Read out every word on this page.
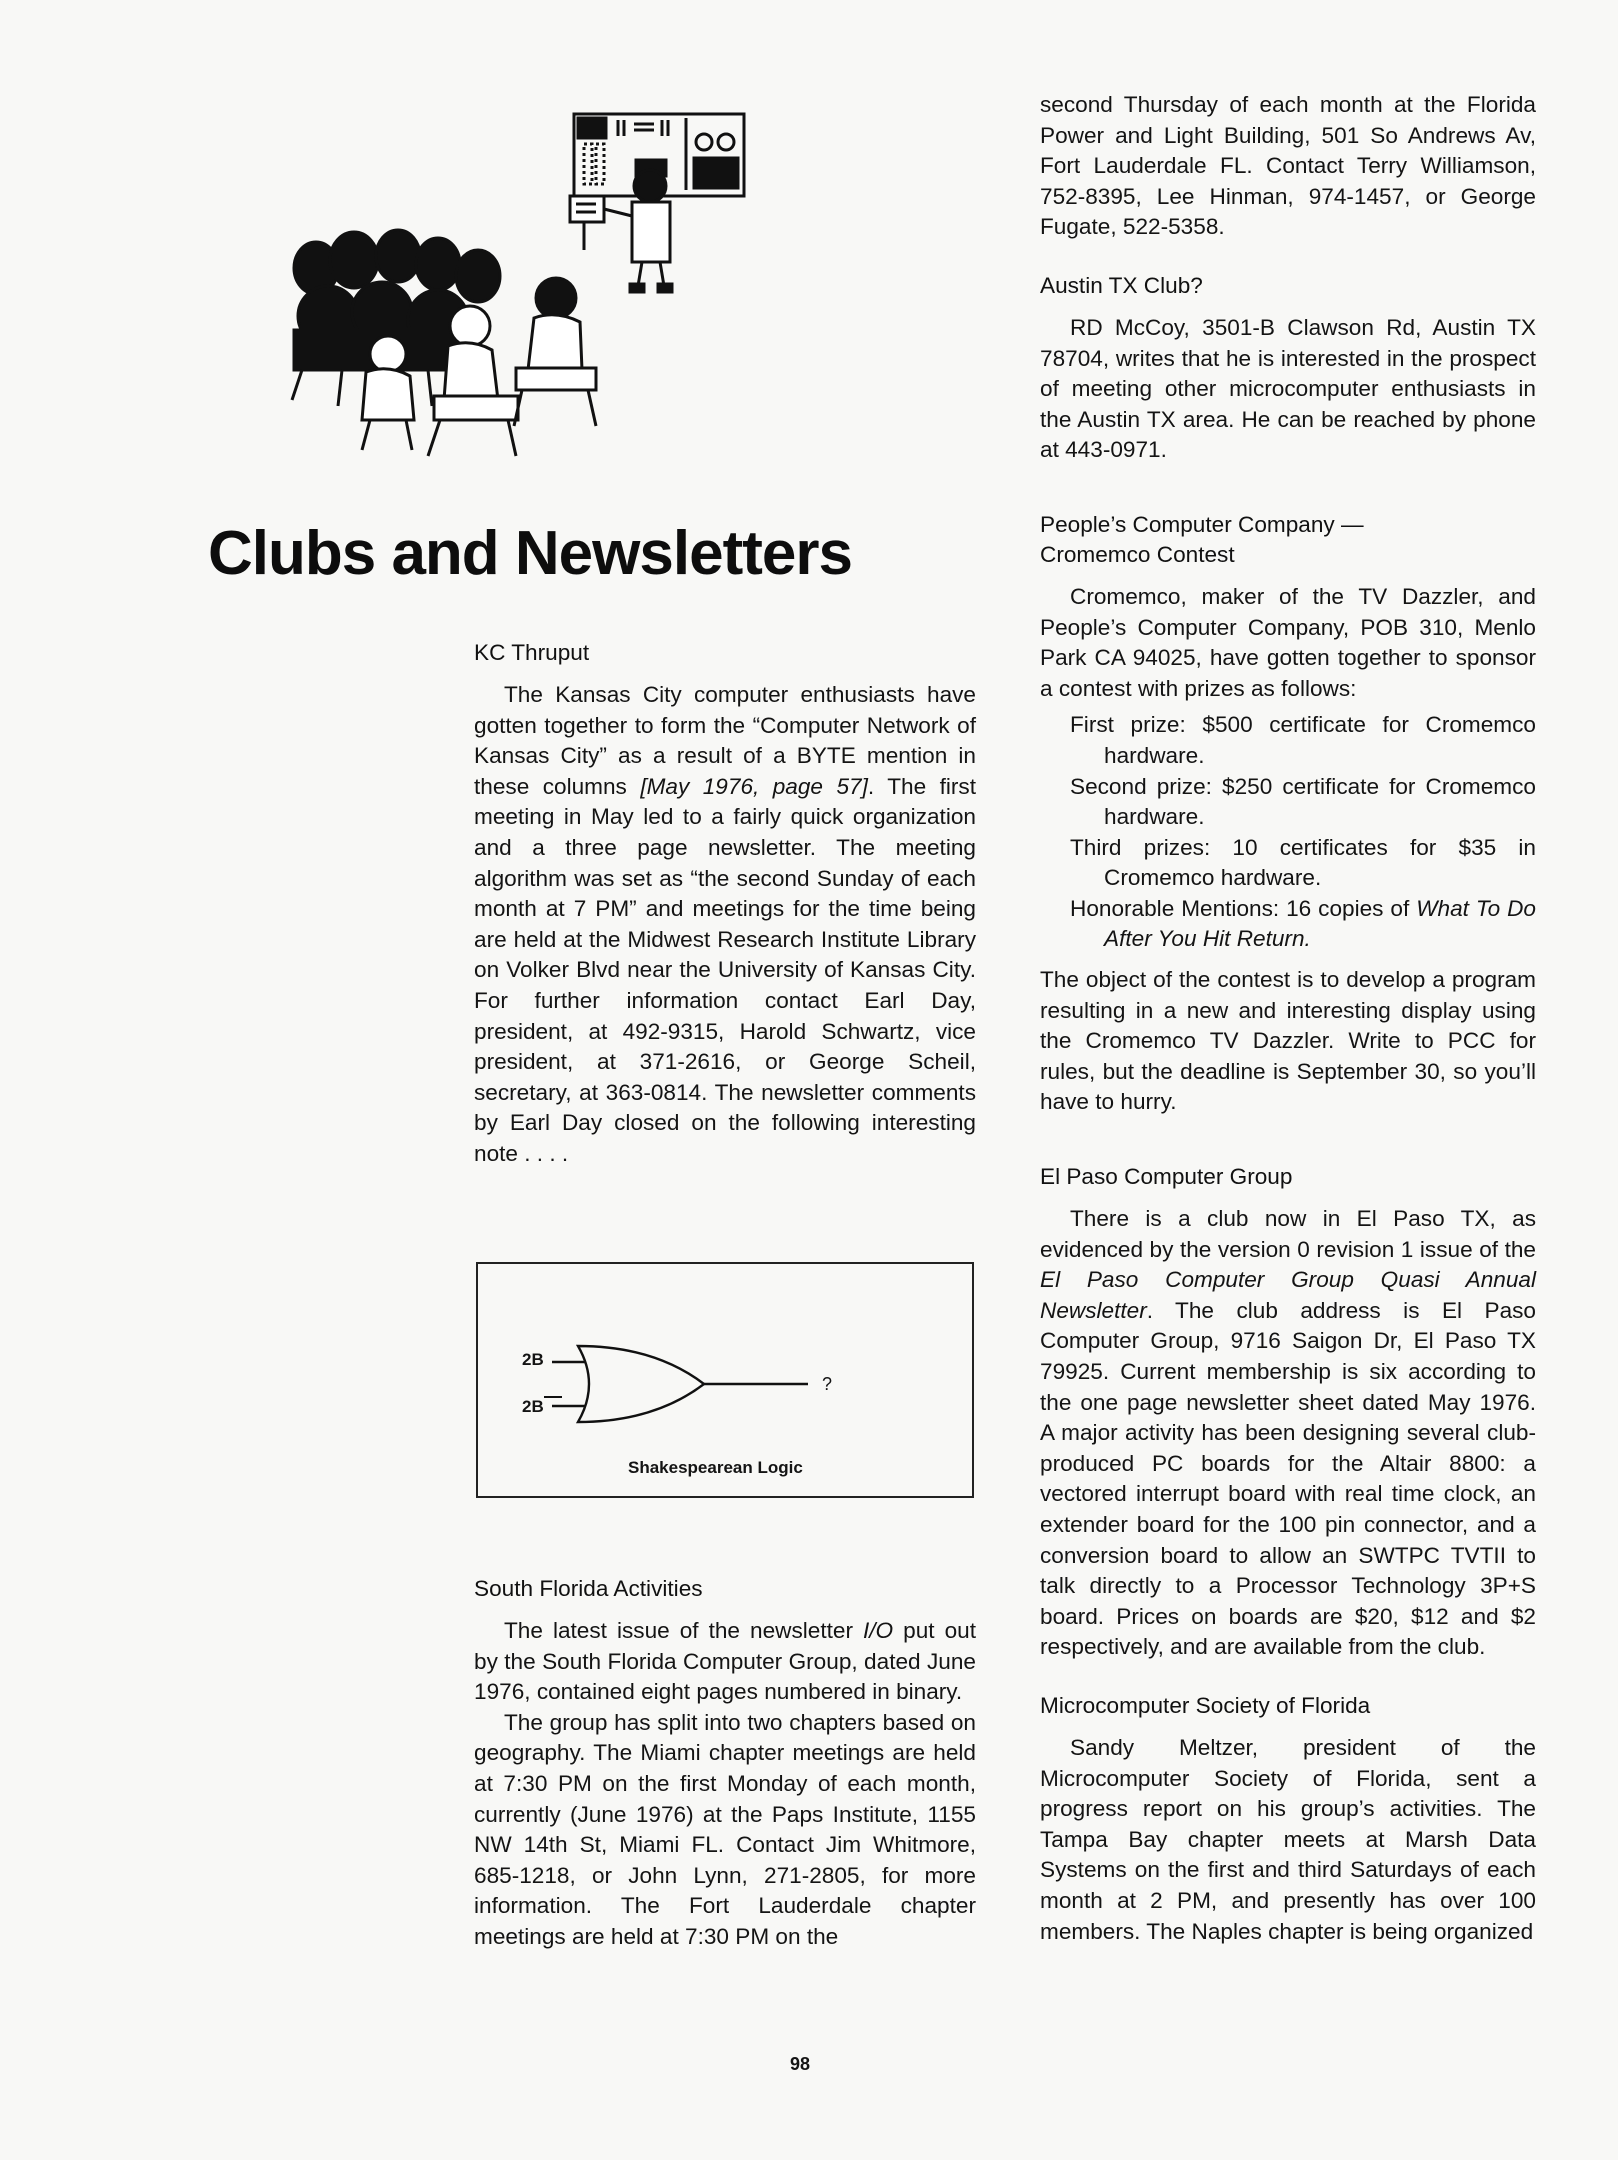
Clubs and Newsletters
KC Thruput

The Kansas City computer enthusiasts have gotten together to form the “Computer Network of Kansas City” as a result of a BYTE mention in these columns [May 1976, page 57]. The first meeting in May led to a fairly quick organization and a three page newsletter. The meeting algorithm was set as “the second Sunday of each month at 7 PM” and meetings for the time being are held at the Midwest Research Institute Library on Volker Blvd near the University of Kansas City. For further information contact Earl Day, president, at 492-9315, Harold Schwartz, vice president, at 371-2616, or George Scheil, secretary, at 363-0814. The newsletter comments by Earl Day closed on the following interesting note . . . .

2B
2B
?
Shakespearean Logic
South Florida Activities

The latest issue of the newsletter I/O put out by the South Florida Computer Group, dated June 1976, contained eight pages numbered in binary.

The group has split into two chapters based on geography. The Miami chapter meetings are held at 7:30 PM on the first Monday of each month, currently (June 1976) at the Paps Institute, 1155 NW 14th St, Miami FL. Contact Jim Whitmore, 685-1218, or John Lynn, 271-2805, for more information. The Fort Lauderdale chapter meetings are held at 7:30 PM on the

second Thursday of each month at the Florida Power and Light Building, 501 So Andrews Av, Fort Lauderdale FL. Contact Terry Williamson, 752-8395, Lee Hinman, 974-1457, or George Fugate, 522-5358.

Austin TX Club?

RD McCoy, 3501-B Clawson Rd, Austin TX 78704, writes that he is interested in the prospect of meeting other microcomputer enthusiasts in the Austin TX area. He can be reached by phone at 443-0971.

People’s Computer Company —
Cromemco Contest

Cromemco, maker of the TV Dazzler, and People’s Computer Company, POB 310, Menlo Park CA 94025, have gotten together to sponsor a contest with prizes as follows:

First prize: $500 certificate for Cromemco hardware.
Second prize: $250 certificate for Cromemco hardware.
Third prizes: 10 certificates for $35 in Cromemco hardware.
Honorable Mentions: 16 copies of What To Do After You Hit Return.

The object of the contest is to develop a program resulting in a new and interesting display using the Cromemco TV Dazzler. Write to PCC for rules, but the deadline is September 30, so you’ll have to hurry.

El Paso Computer Group

There is a club now in El Paso TX, as evidenced by the version 0 revision 1 issue of the El Paso Computer Group Quasi Annual Newsletter. The club address is El Paso Computer Group, 9716 Saigon Dr, El Paso TX 79925. Current membership is six according to the one page newsletter sheet dated May 1976. A major activity has been designing several club-produced PC boards for the Altair 8800: a vectored interrupt board with real time clock, an extender board for the 100 pin connector, and a conversion board to allow an SWTPC TVTII to talk directly to a Processor Technology 3P+S board. Prices on boards are $20, $12 and $2 respectively, and are available from the club.

Microcomputer Society of Florida

Sandy Meltzer, president of the Microcomputer Society of Florida, sent a progress report on his group’s activities. The Tampa Bay chapter meets at Marsh Data Systems on the first and third Saturdays of each month at 2 PM, and presently has over 100 members. The Naples chapter is being organized

98
